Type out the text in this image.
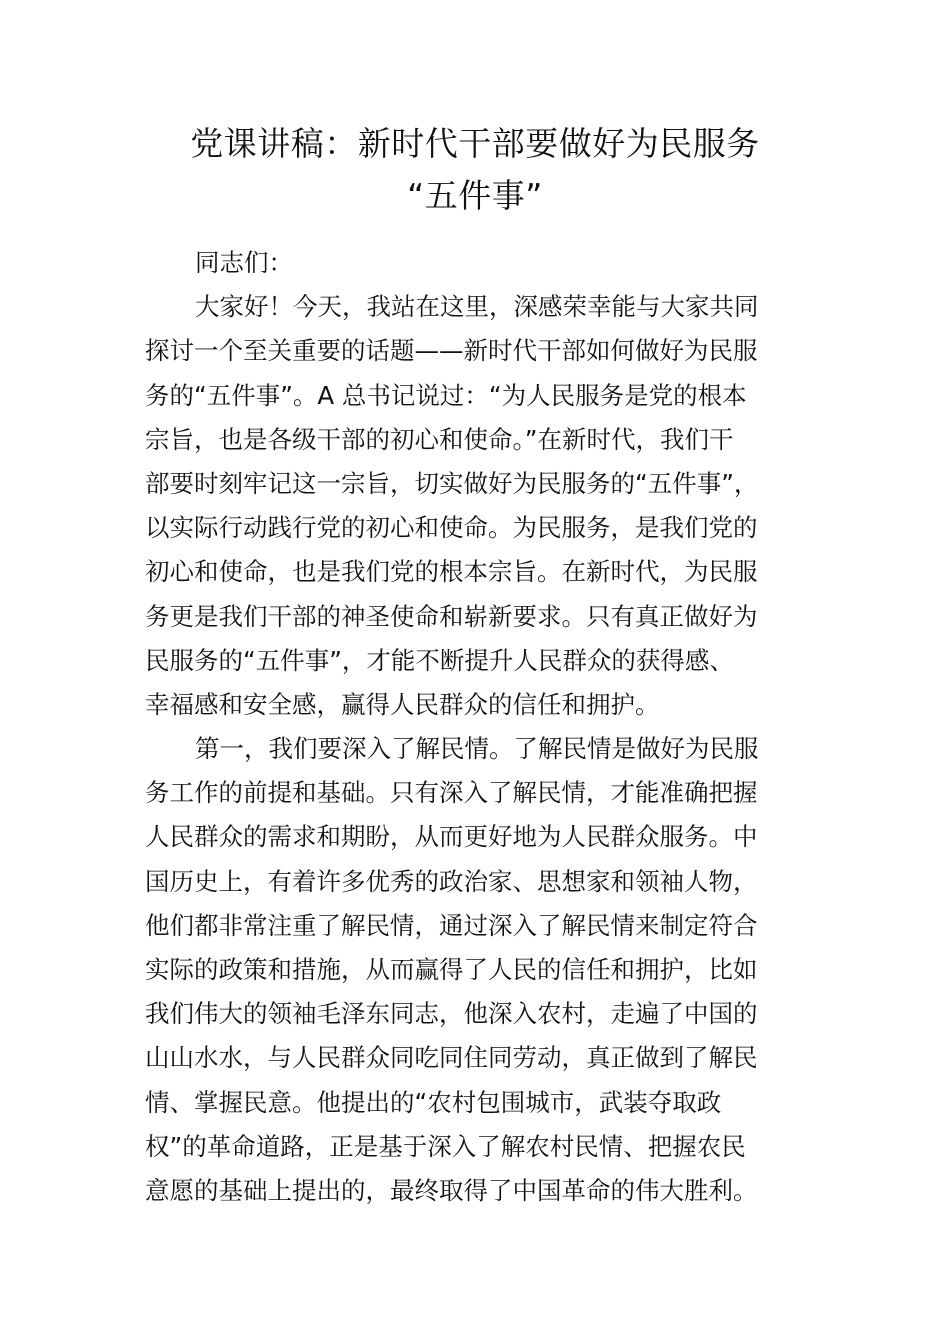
党课讲稿：新时代干部要做好为民服务
“五件事”
同志们：
大家好！今天，我站在这里，深感荣幸能与大家共同
探讨一个至关重要的话题——新时代干部如何做好为民服
务的“五件事”。A 总书记说过：“为人民服务是党的根本
宗旨，也是各级干部的初心和使命。”在新时代，我们干
部要时刻牢记这一宗旨，切实做好为民服务的“五件事”，
以实际行动践行党的初心和使命。为民服务，是我们党的
初心和使命，也是我们党的根本宗旨。在新时代，为民服
务更是我们干部的神圣使命和崭新要求。只有真正做好为
民服务的“五件事”，才能不断提升人民群众的获得感、
幸福感和安全感，赢得人民群众的信任和拥护。
第一，我们要深入了解民情。了解民情是做好为民服
务工作的前提和基础。只有深入了解民情，才能准确把握
人民群众的需求和期盼，从而更好地为人民群众服务。中
国历史上，有着许多优秀的政治家、思想家和领袖人物，
他们都非常注重了解民情，通过深入了解民情来制定符合
实际的政策和措施，从而赢得了人民的信任和拥护，比如
我们伟大的领袖毛泽东同志，他深入农村，走遍了中国的
山山水水，与人民群众同吃同住同劳动，真正做到了解民
情、掌握民意。他提出的“农村包围城市，武装夺取政
权”的革命道路，正是基于深入了解农村民情、把握农民
意愿的基础上提出的，最终取得了中国革命的伟大胜利。
